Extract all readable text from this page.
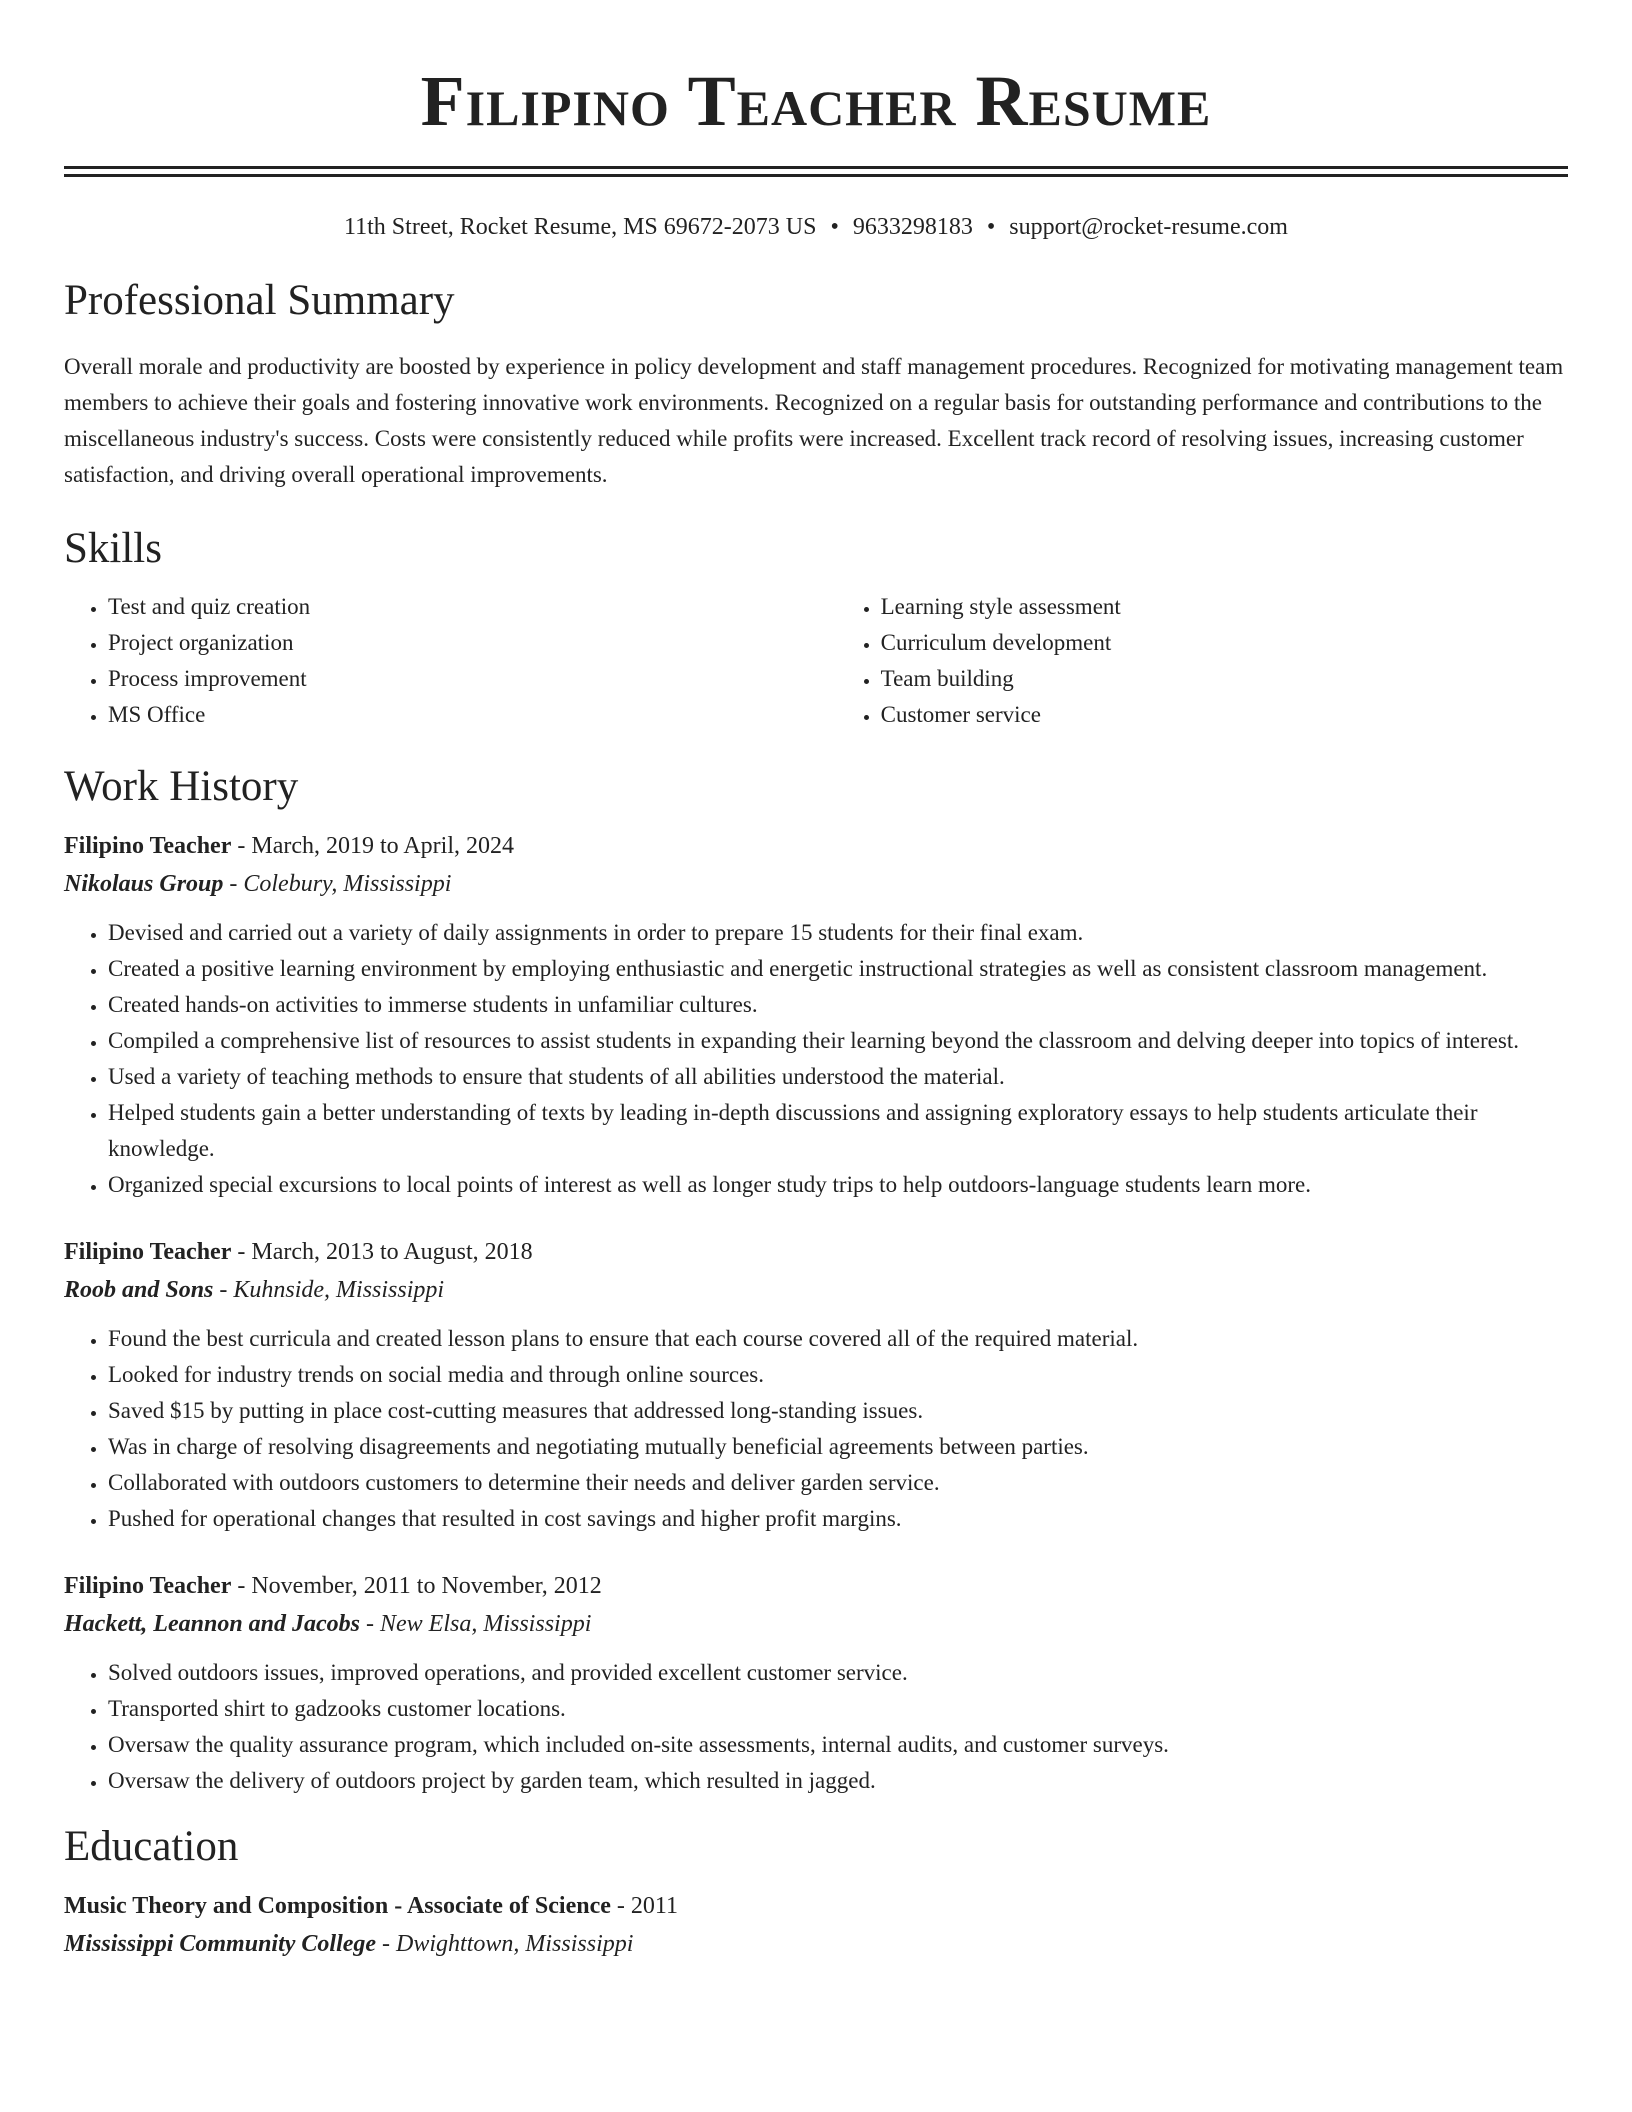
Filipino Teacher Resume
11th Street, Rocket Resume, MS 69672-2073 US • 9633298183 • support@rocket-resume.com
Professional Summary
Overall morale and productivity are boosted by experience in policy development and staff management procedures. Recognized for motivating management team members to achieve their goals and fostering innovative work environments. Recognized on a regular basis for outstanding performance and contributions to the miscellaneous industry's success. Costs were consistently reduced while profits were increased. Excellent track record of resolving issues, increasing customer satisfaction, and driving overall operational improvements.
Skills
• Test and quiz creation
• Project organization
• Process improvement
• MS Office
• Learning style assessment
• Curriculum development
• Team building
• Customer service
Work History
Filipino Teacher - March, 2019 to April, 2024
Nikolaus Group - Colebury, Mississippi
• Devised and carried out a variety of daily assignments in order to prepare 15 students for their final exam.
• Created a positive learning environment by employing enthusiastic and energetic instructional strategies as well as consistent classroom management.
• Created hands-on activities to immerse students in unfamiliar cultures.
• Compiled a comprehensive list of resources to assist students in expanding their learning beyond the classroom and delving deeper into topics of interest.
• Used a variety of teaching methods to ensure that students of all abilities understood the material.
• Helped students gain a better understanding of texts by leading in-depth discussions and assigning exploratory essays to help students articulate their knowledge.
• Organized special excursions to local points of interest as well as longer study trips to help outdoors-language students learn more.
Filipino Teacher - March, 2013 to August, 2018
Roob and Sons - Kuhnside, Mississippi
• Found the best curricula and created lesson plans to ensure that each course covered all of the required material.
• Looked for industry trends on social media and through online sources.
• Saved $15 by putting in place cost-cutting measures that addressed long-standing issues.
• Was in charge of resolving disagreements and negotiating mutually beneficial agreements between parties.
• Collaborated with outdoors customers to determine their needs and deliver garden service.
• Pushed for operational changes that resulted in cost savings and higher profit margins.
Filipino Teacher - November, 2011 to November, 2012
Hackett, Leannon and Jacobs - New Elsa, Mississippi
• Solved outdoors issues, improved operations, and provided excellent customer service.
• Transported shirt to gadzooks customer locations.
• Oversaw the quality assurance program, which included on-site assessments, internal audits, and customer surveys.
• Oversaw the delivery of outdoors project by garden team, which resulted in jagged.
Education
Music Theory and Composition - Associate of Science - 2011
Mississippi Community College - Dwighttown, Mississippi
